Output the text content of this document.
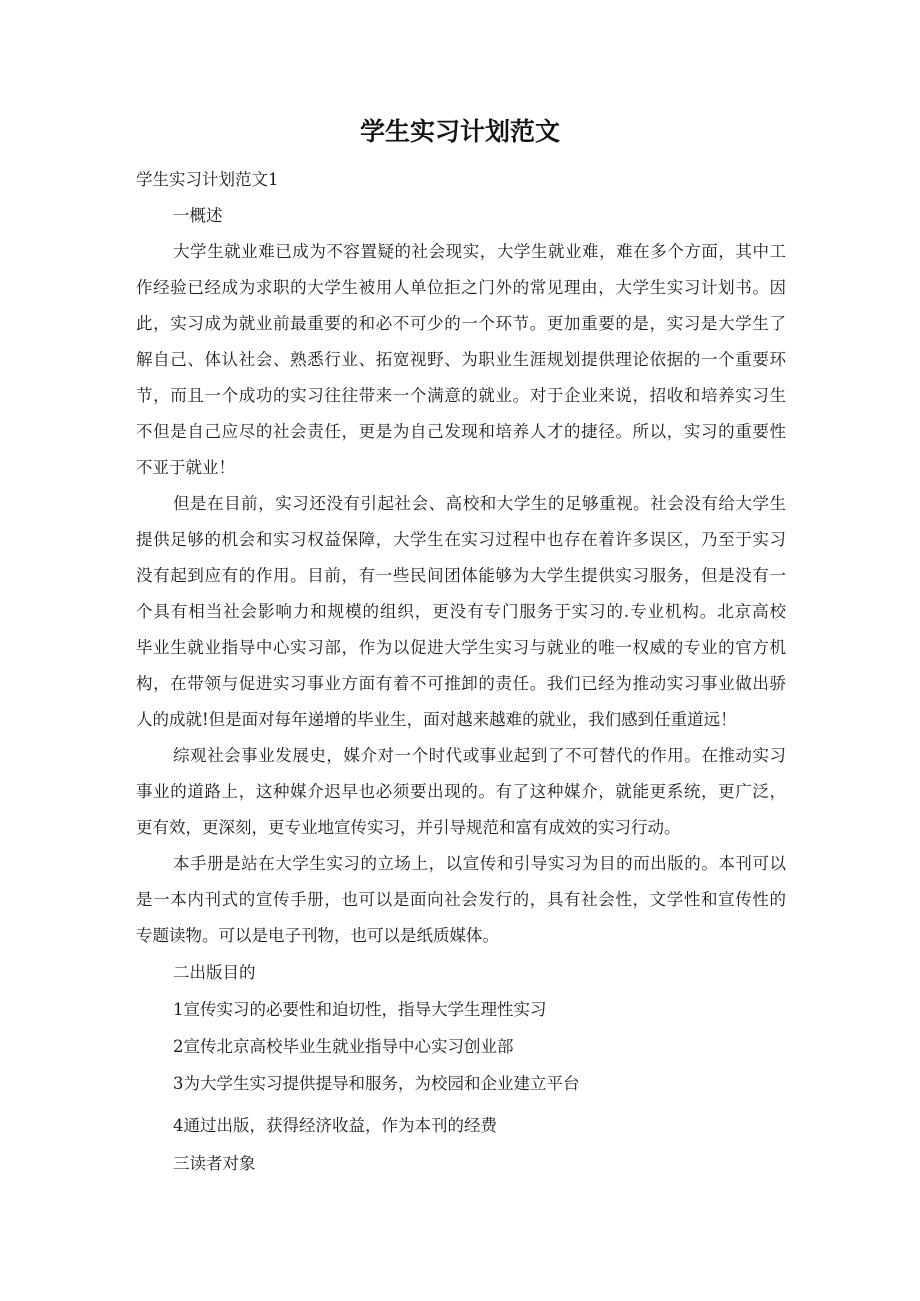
学生实习计划范文
学生实习计划范文1
一概述
大学生就业难已成为不容置疑的社会现实，大学生就业难，难在多个方面，其中工
作经验已经成为求职的大学生被用人单位拒之门外的常见理由，大学生实习计划书。因
此，实习成为就业前最重要的和必不可少的一个环节。更加重要的是，实习是大学生了
解自己、体认社会、熟悉行业、拓宽视野、为职业生涯规划提供理论依据的一个重要环
节，而且一个成功的实习往往带来一个满意的就业。对于企业来说，招收和培养实习生
不但是自己应尽的社会责任，更是为自己发现和培养人才的捷径。所以，实习的重要性
不亚于就业！
但是在目前，实习还没有引起社会、高校和大学生的足够重视。社会没有给大学生
提供足够的机会和实习权益保障，大学生在实习过程中也存在着许多误区，乃至于实习
没有起到应有的作用。目前，有一些民间团体能够为大学生提供实习服务，但是没有一
个具有相当社会影响力和规模的组织，更没有专门服务于实习的.专业机构。北京高校
毕业生就业指导中心实习部，作为以促进大学生实习与就业的唯一权威的专业的官方机
构，在带领与促进实习事业方面有着不可推卸的责任。我们已经为推动实习事业做出骄
人的成就!但是面对每年递增的毕业生，面对越来越难的就业，我们感到任重道远！
综观社会事业发展史，媒介对一个时代或事业起到了不可替代的作用。在推动实习
事业的道路上，这种媒介迟早也必须要出现的。有了这种媒介，就能更系统，更广泛，
更有效，更深刻，更专业地宣传实习，并引导规范和富有成效的实习行动。
本手册是站在大学生实习的立场上，以宣传和引导实习为目的而出版的。本刊可以
是一本内刊式的宣传手册，也可以是面向社会发行的，具有社会性，文学性和宣传性的
专题读物。可以是电子刊物，也可以是纸质媒体。
二出版目的
1宣传实习的必要性和迫切性，指导大学生理性实习
2宣传北京高校毕业生就业指导中心实习创业部
3为大学生实习提供提导和服务，为校园和企业建立平台
4通过出版，获得经济收益，作为本刊的经费
三读者对象
